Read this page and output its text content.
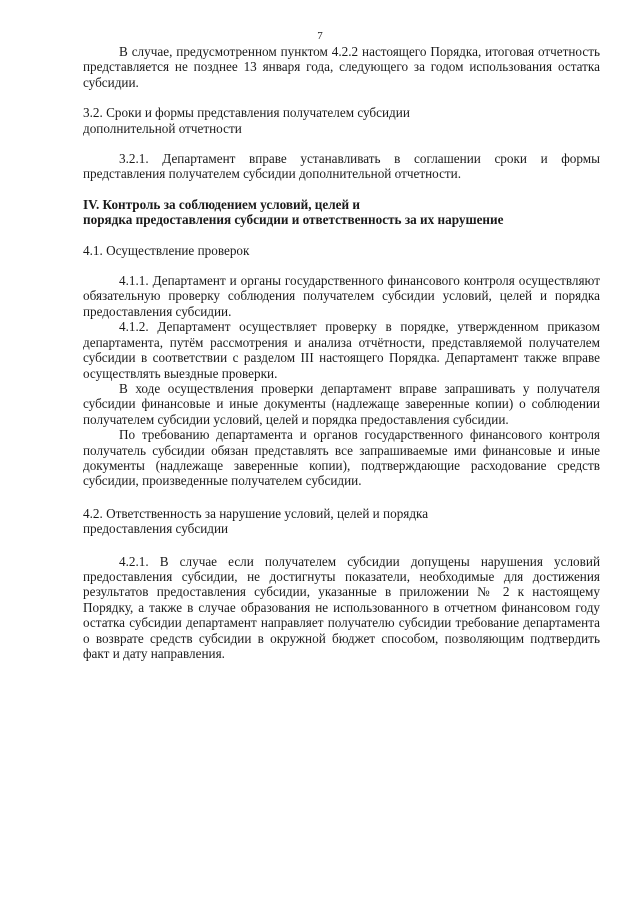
7

В случае, предусмотренном пунктом 4.2.2 настоящего Порядка, итоговая отчетность представляется не позднее 13 января года, следующего за годом использования остатка субсидии.

3.2. Сроки и формы представления получателем субсидии

дополнительной отчетности

3.2.1. Департамент вправе устанавливать в соглашении сроки и формы представления получателем субсидии дополнительной отчетности.

IV. Контроль за соблюдением условий, целей и

порядка предоставления субсидии и ответственность за их нарушение

4.1. Осуществление проверок

4.1.1. Департамент и органы государственного финансового контроля осуществляют обязательную проверку соблюдения получателем субсидии условий, целей и порядка предоставления субсидии.

4.1.2. Департамент осуществляет проверку в порядке, утвержденном приказом департамента, путём рассмотрения и анализа отчётности, представляемой получателем субсидии в соответствии с разделом III настоящего Порядка. Департамент также вправе осуществлять выездные проверки.

В ходе осуществления проверки департамент вправе запрашивать у получателя субсидии финансовые и иные документы (надлежаще заверенные копии) о соблюдении получателем субсидии условий, целей и порядка предоставления субсидии.

По требованию департамента и органов государственного финансового контроля получатель субсидии обязан представлять все запрашиваемые ими финансовые и иные документы (надлежаще заверенные копии), подтверждающие расходование средств субсидии, произведенные получателем субсидии.

4.2. Ответственность за нарушение условий, целей и порядка

предоставления субсидии

4.2.1. В случае если получателем субсидии допущены нарушения условий предоставления субсидии, не достигнуты показатели, необходимые для достижения результатов предоставления субсидии, указанные в приложении № 2 к настоящему Порядку, а также в случае образования не использованного в отчетном финансовом году остатка субсидии департамент направляет получателю субсидии требование департамента о возврате средств субсидии в окружной бюджет способом, позволяющим подтвердить факт и дату направления.
